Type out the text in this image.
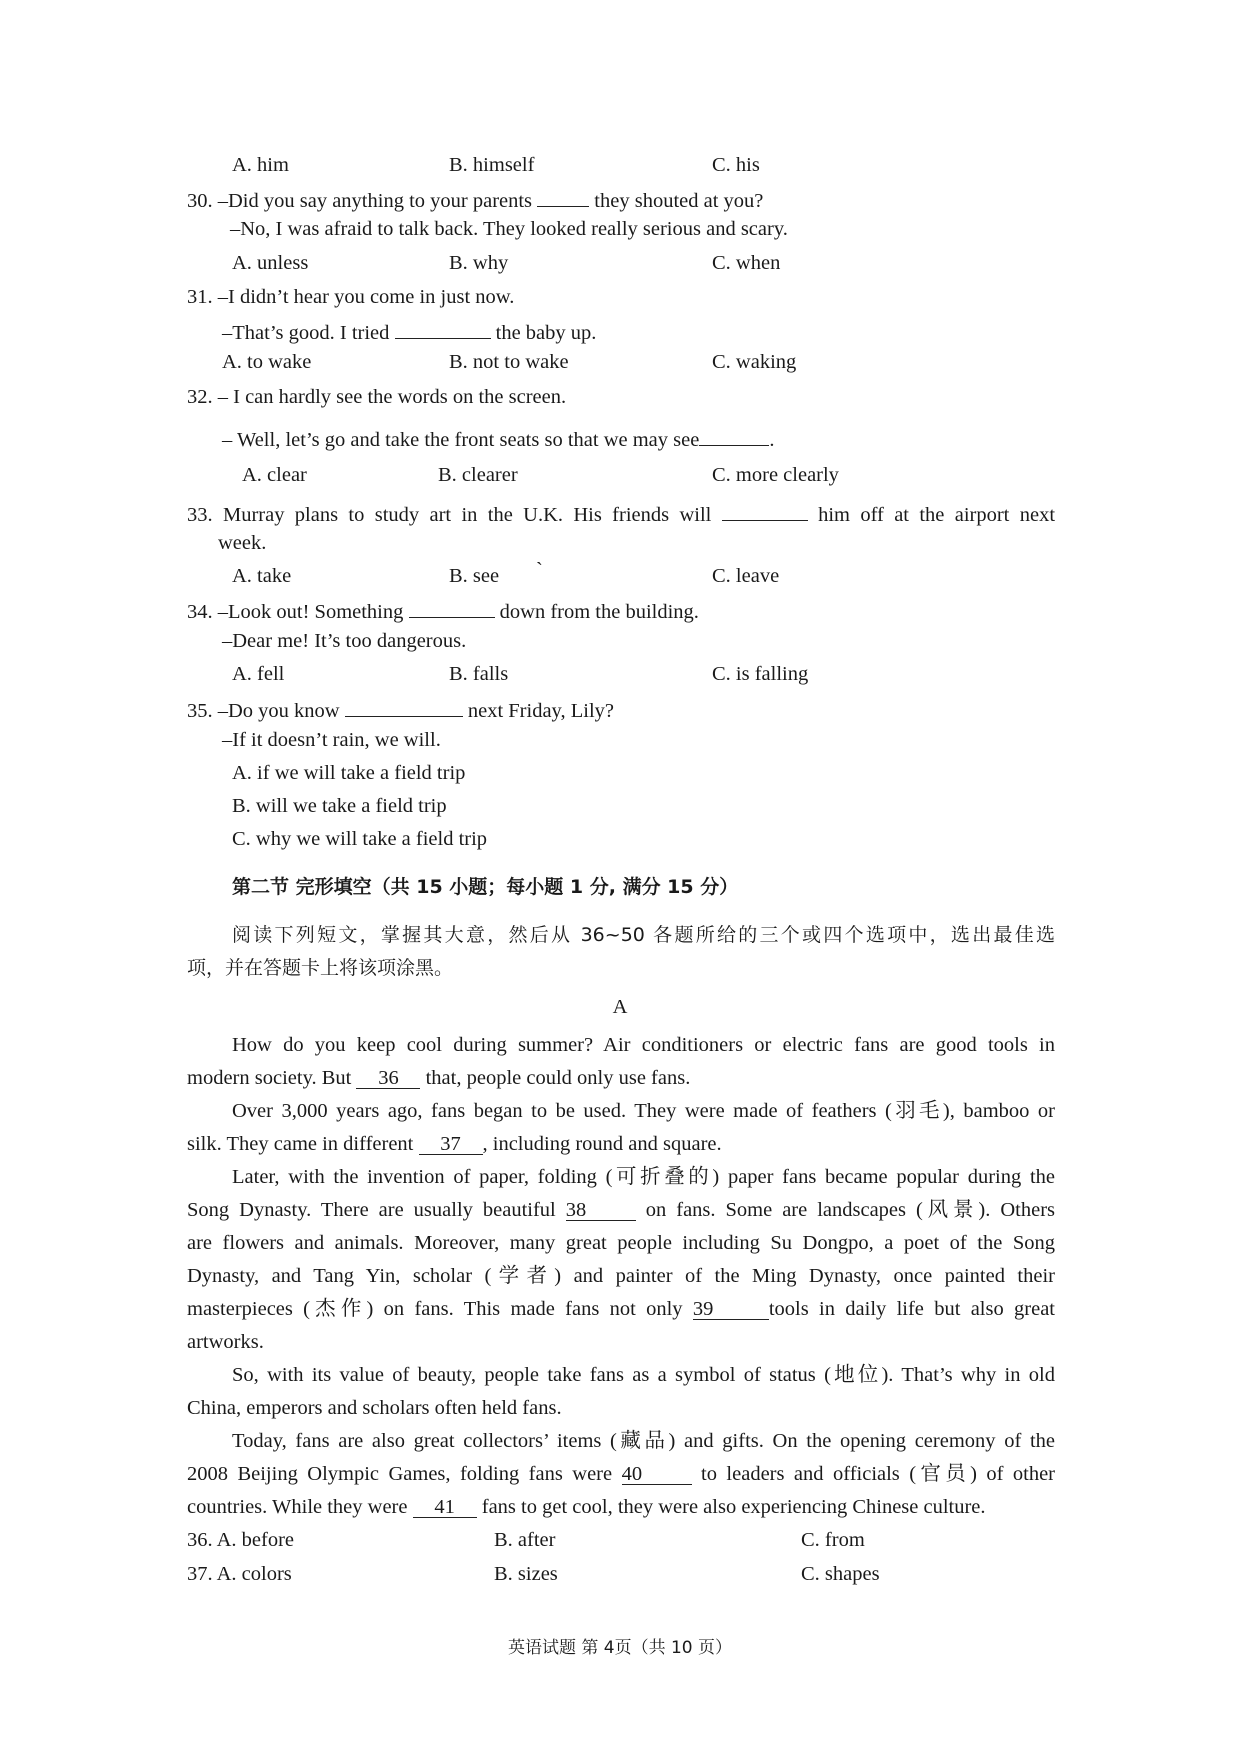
A. him	B. himself	C. his
30. –Did you say anything to your parents	they shouted at you?
–No, I was afraid to talk back. They looked really serious and scary.
A. unless	B. why	C. when
31. –I didn’t hear you come in just now.
–That’s good. I tried	the baby up.
A. to wake	B. not to wake	C. waking
32. – I can hardly see the words on the screen.
– Well, let’s go and take the front seats so that we may see	.
A. clear	B. clearer	C. more clearly
33. Murray plans to study art in the U.K. His friends will	him off at the airport next
week.
A. take	B. see `	C. leave
34. –Look out! Something	down from the building.
–Dear me! It’s too dangerous.
A. fell	B. falls	C. is falling
35. –Do you know	next Friday, Lily?
–If it doesn’t rain, we will.
A. if we will take a field trip
B. will we take a field trip
C. why we will take a field trip
第二节 完形填空（共 15 小题；每小题 1 分, 满分 15 分）
阅读下列短文，掌握其大意，然后从 36~50 各题所给的三个或四个选项中，选出最佳选
项，并在答题卡上将该项涂黑。
A
How do you keep cool during summer? Air conditioners or electric fans are good tools in
modern society. But 36 that, people could only use fans.
Over 3,000 years ago, fans began to be used. They were made of feathers (羽毛), bamboo or
silk. They came in different 37 , including round and square.
Later, with the invention of paper, folding (可折叠的) paper fans became popular during the
Song Dynasty. There are usually beautiful 38	on fans. Some are landscapes (风景). Others
are flowers and animals. Moreover, many great people including Su Dongpo, a poet of the Song
Dynasty, and Tang Yin, scholar (学者) and painter of the Ming Dynasty, once painted their
masterpieces (杰作) on fans. This made fans not only 39	tools in daily life but also great
artworks.
So, with its value of beauty, people take fans as a symbol of status (地位). That’s why in old
China, emperors and scholars often held fans.
Today, fans are also great collectors’ items (藏品) and gifts. On the opening ceremony of the
2008 Beijing Olympic Games, folding fans were 40	to leaders and officials (官员) of other
countries. While they were 41 fans to get cool, they were also experiencing Chinese culture.
36. A. before	B. after	C. from
37. A. colors	B. sizes	C. shapes
英语试题 第 4页（共 10 页）
